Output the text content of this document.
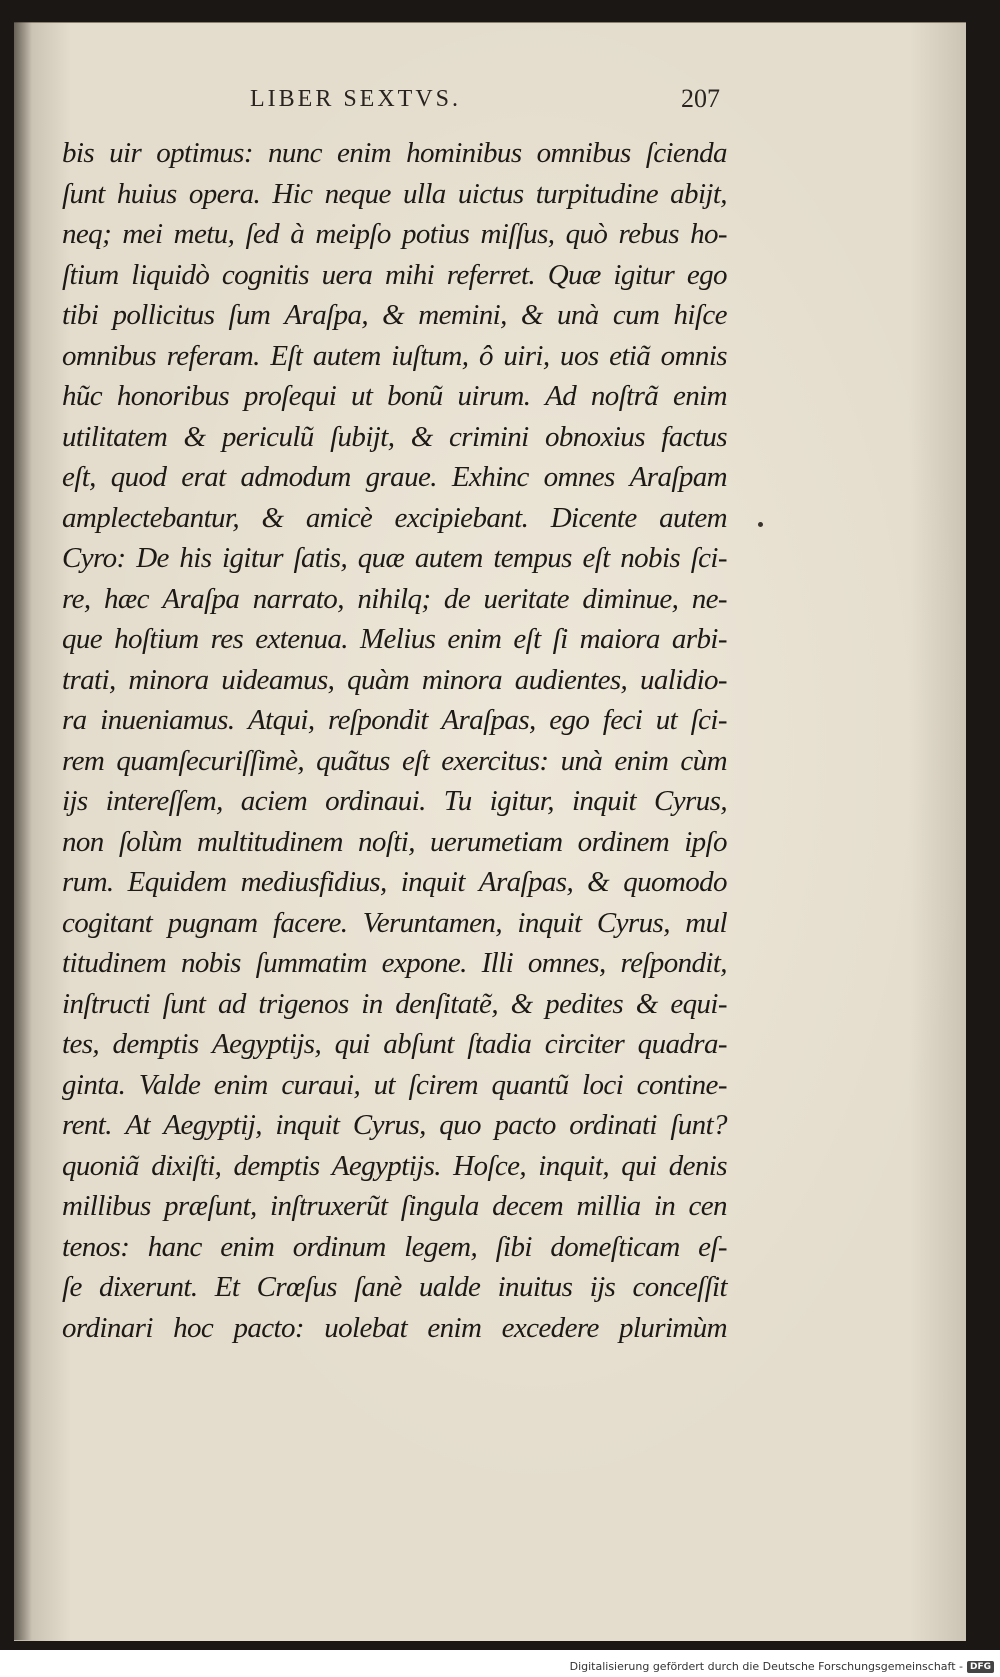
LIBER SEXTVS.	207
bis uir optimus: nunc enim hominibus omnibus ſcienda
ſunt huius opera. Hic neque ulla uictus turpitudine abijt,
neq; mei metu, ſed à meipſo potius miſſus, quò rebus ho-
ſtium liquidò cognitis uera mihi referret. Quæ igitur ego
tibi pollicitus ſum Araſpa, & memini, & unà cum hiſce
omnibus referam. Eſt autem iuſtum, ô uiri, uos etiã omnis
hũc honoribus proſequi ut bonũ uirum. Ad noſtrã enim
utilitatem & periculũ ſubijt, & crimini obnoxius factus
eſt, quod erat admodum graue. Exhinc omnes Araſpam
amplectebantur, & amicè excipiebant. Dicente autem
Cyro: De his igitur ſatis, quæ autem tempus eſt nobis ſci-
re, hæc Araſpa narrato, nihilq; de ueritate diminue, ne-
que hoſtium res extenua. Melius enim eſt ſi maiora arbi-
trati, minora uideamus, quàm minora audientes, ualidio-
ra inueniamus. Atqui, reſpondit Araſpas, ego feci ut ſci-
rem quamſecuriſſimè, quãtus eſt exercitus: unà enim cùm
ijs intereſſem, aciem ordinaui. Tu igitur, inquit Cyrus,
non ſolùm multitudinem noſti, uerumetiam ordinem ipſo
rum. Equidem mediusfidius, inquit Araſpas, & quomodo
cogitant pugnam facere. Veruntamen, inquit Cyrus, mul
titudinem nobis ſummatim expone. Illi omnes, reſpondit,
inſtructi ſunt ad trigenos in denſitatẽ, & pedites & equi-
tes, demptis Aegyptijs, qui abſunt ſtadia circiter quadra-
ginta. Valde enim curaui, ut ſcirem quantũ loci contine-
rent. At Aegyptij, inquit Cyrus, quo pacto ordinati ſunt?
quoniã dixiſti, demptis Aegyptijs. Hoſce, inquit, qui denis
millibus præſunt, inſtruxerũt ſingula decem millia in cen
tenos: hanc enim ordinum legem, ſibi domeſticam eſ-
ſe dixerunt. Et Crœſus ſanè ualde inuitus ijs conceſſit
ordinari hoc pacto: uolebat enim excedere plurimùm
Digitalisierung gefördert durch die Deutsche Forschungsgemeinschaft - DFG
